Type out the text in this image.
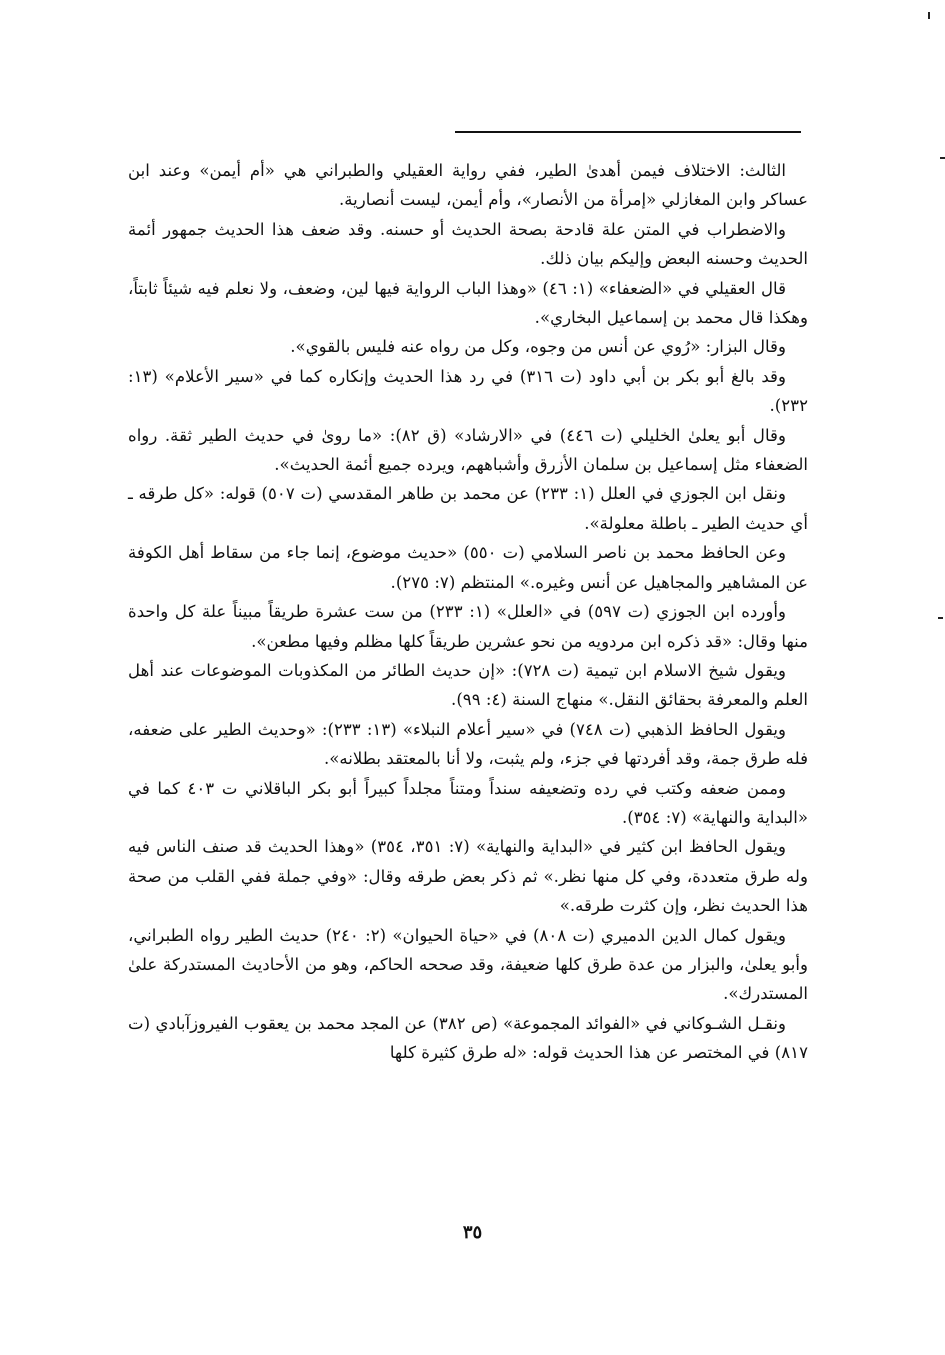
الثالث: الاختلاف فيمن أهدىٰ الطير، ففي رواية العقيلي والطبراني هي «أم أيمن» وعند ابن عساكر وابن المغازلي «إمرأة من الأنصار»، وأم أيمن، ليست أنصارية.

والاضطراب في المتن علة قادحة بصحة الحديث أو حسنه. وقد ضعف هذا الحديث جمهور أئمة الحديث وحسنه البعض وإليكم بيان ذلك.

قال العقيلي في «الضعفاء» (١: ٤٦) «وهذا الباب الرواية فيها لين، وضعف، ولا نعلم فيه شيئاً ثابتاً، وهكذا قال محمد بن إسماعيل البخاري».

وقال البزار: «رُوي عن أنس من وجوه، وكل من رواه عنه فليس بالقوي».

وقد بالغ أبو بكر بن أبي داود (ت ٣١٦) في رد هذا الحديث وإنكاره كما في «سير الأعلام» (١٣: ٢٣٢).

وقال أبو يعلىٰ الخليلي (ت ٤٤٦) في «الارشاد» (ق ٨٢): «ما روىٰ في حديث الطير ثقة. رواه الضعفاء مثل إسماعيل بن سلمان الأزرق وأشباههم، ويرده جميع أئمة الحديث».

ونقل ابن الجوزي في العلل (١: ٢٣٣) عن محمد بن طاهر المقدسي (ت ٥٠٧) قوله: «كل طرقه ـ أي حديث الطير ـ باطلة معلولة».

وعن الحافظ محمد بن ناصر السلامي (ت ٥٥٠) «حديث موضوع، إنما جاء من سقاط أهل الكوفة عن المشاهير والمجاهيل عن أنس وغيره.» المنتظم (٧: ٢٧٥).

وأورده ابن الجوزي (ت ٥٩٧) في «العلل» (١: ٢٣٣) من ست عشرة طريقاً مبيناً علة كل واحدة منها وقال: «قد ذكره ابن مردويه من نحو عشرين طريقاً كلها مظلم وفيها مطعن».

ويقول شيخ الاسلام ابن تيمية (ت ٧٢٨): «إن حديث الطائر من المكذوبات الموضوعات عند أهل العلم والمعرفة بحقائق النقل.» منهاج السنة (٤: ٩٩).

ويقول الحافظ الذهبي (ت ٧٤٨) في «سير أعلام النبلاء» (١٣: ٢٣٣): «وحديث الطير على ضعفه، فله طرق جمة، وقد أفردتها في جزء، ولم يثبت، ولا أنا بالمعتقد بطلانه».

وممن ضعفه وكتب في رده وتضعيفه سنداً ومتناً مجلداً كبيراً أبو بكر الباقلاني ت ٤٠٣ كما في «البداية والنهاية» (٧: ٣٥٤).

ويقول الحافظ ابن كثير في «البداية والنهاية» (٧: ٣٥١، ٣٥٤) «وهذا الحديث قد صنف الناس فيه وله طرق متعددة، وفي كل منها نظر.» ثم ذكر بعض طرقه وقال: «وفي جملة ففي القلب من صحة هذا الحديث نظر، وإن كثرت طرقه.»

ويقول كمال الدين الدميري (ت ٨٠٨) في «حياة الحيوان» (٢: ٢٤٠) حديث الطير رواه الطبراني، وأبو يعلىٰ، والبزار من عدة طرق كلها ضعيفة، وقد صححه الحاكم، وهو من الأحاديث المستدركة علىٰ المستدرك».

ونقـل الشـوكاني في «الفوائد المجموعة» (ص ٣٨٢) عن المجد محمد بن يعقوب الفيروزآبادي (ت ٨١٧) في المختصر عن هذا الحديث قوله: «له طرق كثيرة كلها

٣٥
